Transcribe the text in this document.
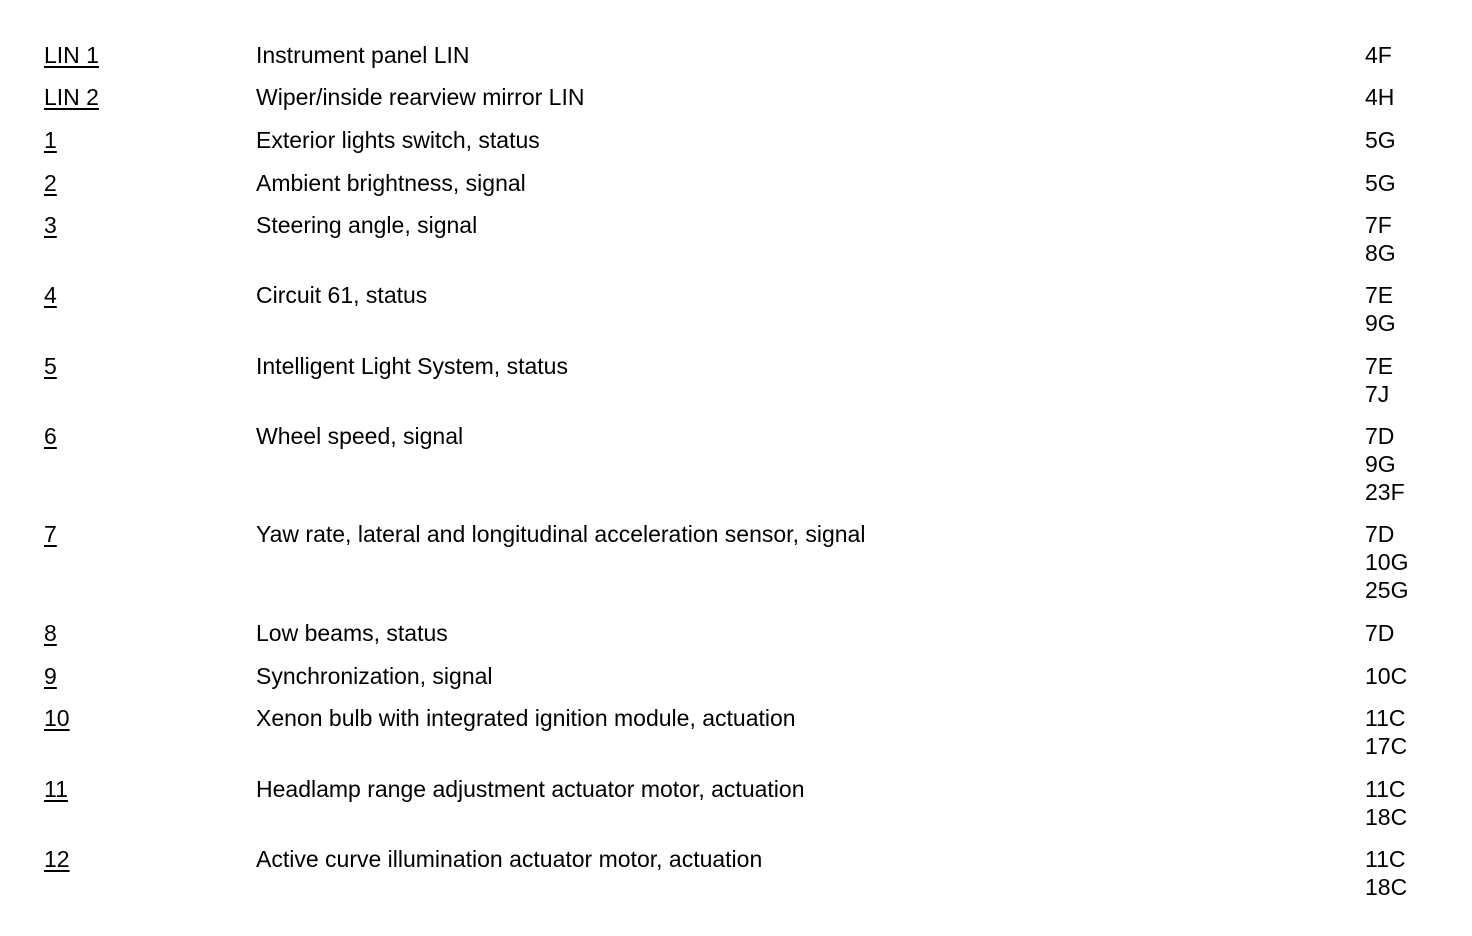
LIN 1	Instrument panel LIN	4F
LIN 2	Wiper/inside rearview mirror LIN	4H
1	Exterior lights switch, status	5G
2	Ambient brightness, signal	5G
3	Steering angle, signal	7F
8G
4	Circuit 61, status	7E
9G
5	Intelligent Light System, status	7E
7J
6	Wheel speed, signal	7D
9G
23F
7	Yaw rate, lateral and longitudinal acceleration sensor, signal	7D
10G
25G
8	Low beams, status	7D
9	Synchronization, signal	10C
10	Xenon bulb with integrated ignition module, actuation	11C
17C
11	Headlamp range adjustment actuator motor, actuation	11C
18C
12	Active curve illumination actuator motor, actuation	11C
18C
